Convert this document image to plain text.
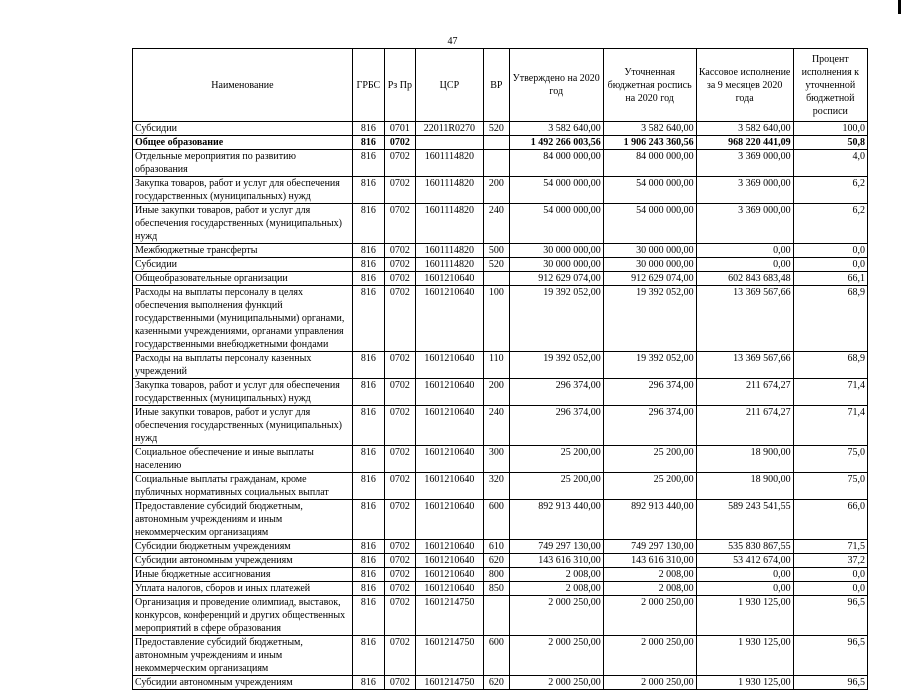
47
Наименование	ГРБС	Рз Пр	ЦСР	ВР	Утверждено на 2020 год	Уточненная бюджетная роспись на 2020 год	Кассовое исполнение за 9 месяцев 2020 года	Процент исполнения к уточненной бюджетной росписи
Субсидии	816	0701	22011R0270	520	3 582 640,00	3 582 640,00	3 582 640,00	100,0
Общее образование	816	0702			1 492 266 003,56	1 906 243 360,56	968 220 441,09	50,8
Отдельные мероприятия по развитию образования	816	0702	1601114820		84 000 000,00	84 000 000,00	3 369 000,00	4,0
Закупка товаров, работ и услуг для обеспечения государственных (муниципальных) нужд	816	0702	1601114820	200	54 000 000,00	54 000 000,00	3 369 000,00	6,2
Иные закупки товаров, работ и услуг для обеспечения государственных (муниципальных) нужд	816	0702	1601114820	240	54 000 000,00	54 000 000,00	3 369 000,00	6,2
Межбюджетные трансферты	816	0702	1601114820	500	30 000 000,00	30 000 000,00	0,00	0,0
Субсидии	816	0702	1601114820	520	30 000 000,00	30 000 000,00	0,00	0,0
Общеобразовательные организации	816	0702	1601210640		912 629 074,00	912 629 074,00	602 843 683,48	66,1
Расходы на выплаты персоналу в целях обеспечения выполнения функций государственными (муниципальными) органами, казенными учреждениями, органами управления государственными внебюджетными фондами	816	0702	1601210640	100	19 392 052,00	19 392 052,00	13 369 567,66	68,9
Расходы на выплаты персоналу казенных учреждений	816	0702	1601210640	110	19 392 052,00	19 392 052,00	13 369 567,66	68,9
Закупка товаров, работ и услуг для обеспечения государственных (муниципальных) нужд	816	0702	1601210640	200	296 374,00	296 374,00	211 674,27	71,4
Иные закупки товаров, работ и услуг для обеспечения государственных (муниципальных) нужд	816	0702	1601210640	240	296 374,00	296 374,00	211 674,27	71,4
Социальное обеспечение и иные выплаты населению	816	0702	1601210640	300	25 200,00	25 200,00	18 900,00	75,0
Социальные выплаты гражданам, кроме публичных нормативных социальных выплат	816	0702	1601210640	320	25 200,00	25 200,00	18 900,00	75,0
Предоставление субсидий бюджетным, автономным учреждениям и иным некоммерческим организациям	816	0702	1601210640	600	892 913 440,00	892 913 440,00	589 243 541,55	66,0
Субсидии бюджетным учреждениям	816	0702	1601210640	610	749 297 130,00	749 297 130,00	535 830 867,55	71,5
Субсидии автономным учреждениям	816	0702	1601210640	620	143 616 310,00	143 616 310,00	53 412 674,00	37,2
Иные бюджетные ассигнования	816	0702	1601210640	800	2 008,00	2 008,00	0,00	0,0
Уплата налогов, сборов и иных платежей	816	0702	1601210640	850	2 008,00	2 008,00	0,00	0,0
Организация и проведение олимпиад, выставок, конкурсов, конференций и других общественных мероприятий в сфере образования	816	0702	1601214750		2 000 250,00	2 000 250,00	1 930 125,00	96,5
Предоставление субсидий бюджетным, автономным учреждениям и иным некоммерческим организациям	816	0702	1601214750	600	2 000 250,00	2 000 250,00	1 930 125,00	96,5
Субсидии автономным учреждениям	816	0702	1601214750	620	2 000 250,00	2 000 250,00	1 930 125,00	96,5
